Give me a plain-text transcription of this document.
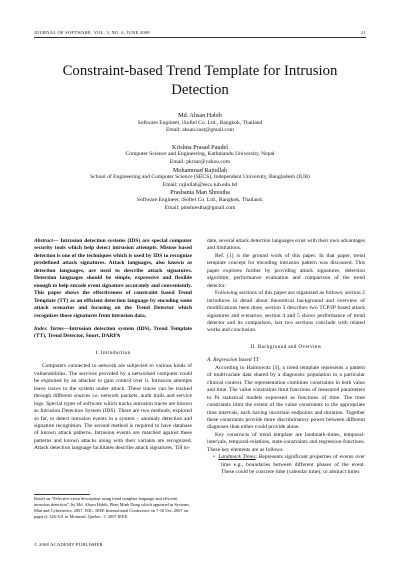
JOURNAL OF SOFTWARE, VOL. 3, NO. 6, JUNE 2008	21
Constraint-based Trend Template for Intrusion
Detection
Md. Ahsan Habib
Software Engineer, iSoftel Co. Ltd., Bangkok, Thailand
Email: ahsan.sust@gmail.com
Krishna Prasad Paudel
Computer Science and Engineering, Kathmandu University, Nepal
Email: pkrsar@yahoo.com
Mohammad Rajiullah
School of Engineering and Computer Science (SECS), Independent University, Bangladesh (IUB)
Email: rajiullah@secs.iub.edu.bd
Prashanta Man Shrestha
Software Engineer, iSoftel Co. Ltd., Bangkok, Thailand.
Email: pmshrestha@gmail.com

Abstract— Intrusion detection systems (IDS) are special computer security tools which help detect intrusion attempts. Misuse based detection is one of the techniques which is used by IDS to recognize predefined attack signatures. Attack languages, also known as detection languages, are used to describe attack signatures. Detection languages should be simple, expressive and flexible enough to help encode event signature accurately and conveniently. This paper shows the effectiveness of constraint based Trend Template (TT) as an efficient detection language by encoding some attack scenarios and focusing on the Trend Detector which recognizes those signatures from intrusion data.

Index Terms—Intrusion detection system (IDS), Trend Template (TT), Trend Detector, Snort, DARPA

I. Introduction

Computers connected to network are subjected to various kinds of vulnerabilities. The services provided by a networked computer could be exploited by an attacker to gain control over it. Intrusion attempts leave traces to the system under attack. These traces can be tracked through different sources i.e. network packets, audit trails and service logs. Special types of software which tracks intrusion traces are known as Intrusion Detection System (IDS). There are two methods, explored so far, to detect intrusion events in a system – anomaly detection and signature recognition. The second method is required to have database of known attack patterns. Intrusion events are matched against these patterns and known attacks along with their variants are recognized. Attack detection language facilitates describe attack signatures. Till to-

date, several attack detection languages exist with their own advantages and limitations.

Ref. [1] is the ground work of this paper. In that paper, trend template concept for encoding intrusion pattern was discussed. This paper explores further by providing attack signatures, detection algorithm, performance evaluation and comparison of the trend detector.

Following sections of this paper are organized as follows: section 2 introduces in detail about theoretical background and overview of modifications been done, section 3 describes two TCP/IP based attack signatures and scenarios, section 4 and 5 shows performance of trend detector and its comparison, last two sections conclude with related works and conclusion.

II. Background and Overview

A. Regression based TT

According to Haimowitz [3], a trend template represents a pattern of multivariate data shared by a diagnostic population in a particular clinical context. The representation combines constraints in both value and time. The value constraints limit functions of measured parameters to fit statistical models expressed as functions of time. The time constraints limit the extent of the value constraints to the appropriate time intervals, each having uncertain endpoints and duration. Together these constraints provide more discriminatory power between different diagnoses than either could provide alone.

Key constructs of trend template are landmark-times, temporal-intervals, temporal-relations, state-constraints and regression-functions. These key elements are as follows:

•  Landmark Times: Represents significant properties of events over time e.g., boundaries between different phases of the event. These could be concrete time (calendar time); or abstract times

Based on “Effective event description using trend template language and efficient intrusion detection”, by Md. Ahsan Habib, Phan Minh Dung which appeared in Systems, Man and Cybernetics, 2007. ISIC. IEEE International Conference on 7-10 Oct. 2007 on page(s): 326-331 in Montreal, Quebec. © 2007 IEEE.
© 2008 ACADEMY PUBLISHER
